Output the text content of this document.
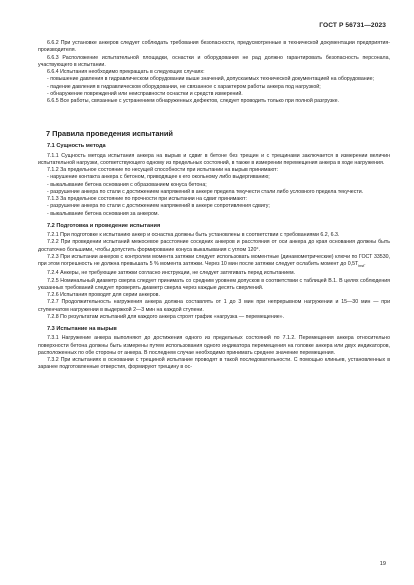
ГОСТ Р 56731—2023

6.6.2 При установке анкеров следует соблюдать требования безопасности, предусмотренные в технической документации предприятия-производителя.

6.6.3 Расположение испытательной площадки, оснастки и оборудования не рад должно гарантировать безопасность персонала, участвующего в испытании.

6.6.4 Испытания необходимо прекращать в следующих случаях:

- повышение давления в гидравлическом оборудовании выше значений, допускаемых технической документацией на оборудование;

- падение давления в гидравлическом оборудовании, не связанное с характером работы анкера под нагрузкой;

- обнаружение повреждений или неисправности оснастки и средств измерений.

6.6.5 Все работы, связанные с устранением обнаруженных дефектов, следует проводить только при полной разгрузке.

7 Правила проведения испытаний
7.1 Сущность метода

7.1.1 Сущность метода испытания анкера на вырыв и сдвиг в бетоне без трещин и с трещинами заключается в измерении величин испытательной нагрузки, соответствующего одному из предельных состояний, в также в измерении перемещения анкера в ходе нагружения.

7.1.2 За предельное состояние по несущей способности при испытании на вырыв принимают:

- нарушение контакта анкера с бетоном, приводящее к его окольному либо выдергиванию;

- выкалывание бетона основания с образованием конуса бетона;

- разрушение анкера по стали с достижением напряжений в анкере предела текучести стали либо условного предела текучести.

7.1.3 За предельное состояние по прочности при испытании на сдвиг принимают:

- разрушение анкера по стали с достижением напряжений в анкере сопротивления сдвигу;

- выкалывание бетона основания за анкером.

7.2 Подготовка и проведение испытания

7.2.1 При подготовке к испытанию анкер и оснастка должны быть установлены в соответствии с требованиями 6.2, 6.3.

7.2.2 При проведении испытаний межосевое расстояние соседних анкеров и расстояния от оси анкера до края основания должны быть достаточно большими, чтобы допустить формирование конуса выкалывания с углом 120°.

7.2.3 При испытании анкеров с контролем момента затяжки следует использовать моментные (динамометрические) ключи по ГОСТ 33530, при этом погрешность не должна превышать 5 % момента затяжки. Через 10 мин после затяжки следует ослабить момент до $0,5Т_{inst}$.

7.2.4 Анкеры, не требующие затяжки согласно инструкции, не следует затягивать перед испытанием.

7.2.5 Номинальный диаметр сверла следует принимать со средним уровнем допусков в соответствии с таблицей В.1. В целях соблюдения указанных требований следует проверять диаметр сверла через каждые десять сверлений.

7.2.6 Испытания проводят для серии анкеров.

7.2.7 Продолжительность нагружения анкера должна составлять от 1 до 3 мин при непрерывном нагружении и 15—30 мин — при ступенчатом нагружении в выдержкой 2—3 мин на каждой ступени.

7.2.8 По результатам испытаний для каждого анкера строят график «нагрузка — перемещение».

7.3 Испытание на вырыв

7.3.1 Нагружение анкера выполняют до достижения одного из предельных состояний по 7.1.2. Перемещения анкера относительно поверхности бетона должны быть измерены путем использования одного индикатора перемещения на головке анкера или двух индикаторов, расположенных по обе стороны от анкера. В последнем случае необходимо принимать среднее значение перемещения.

7.3.2 При испытаниях в основании с трещиной испытание проводят в такой последовательности. С помощью клиньев, установленных в заранее подготовленные отверстия, формируют трещину в ос-

19
